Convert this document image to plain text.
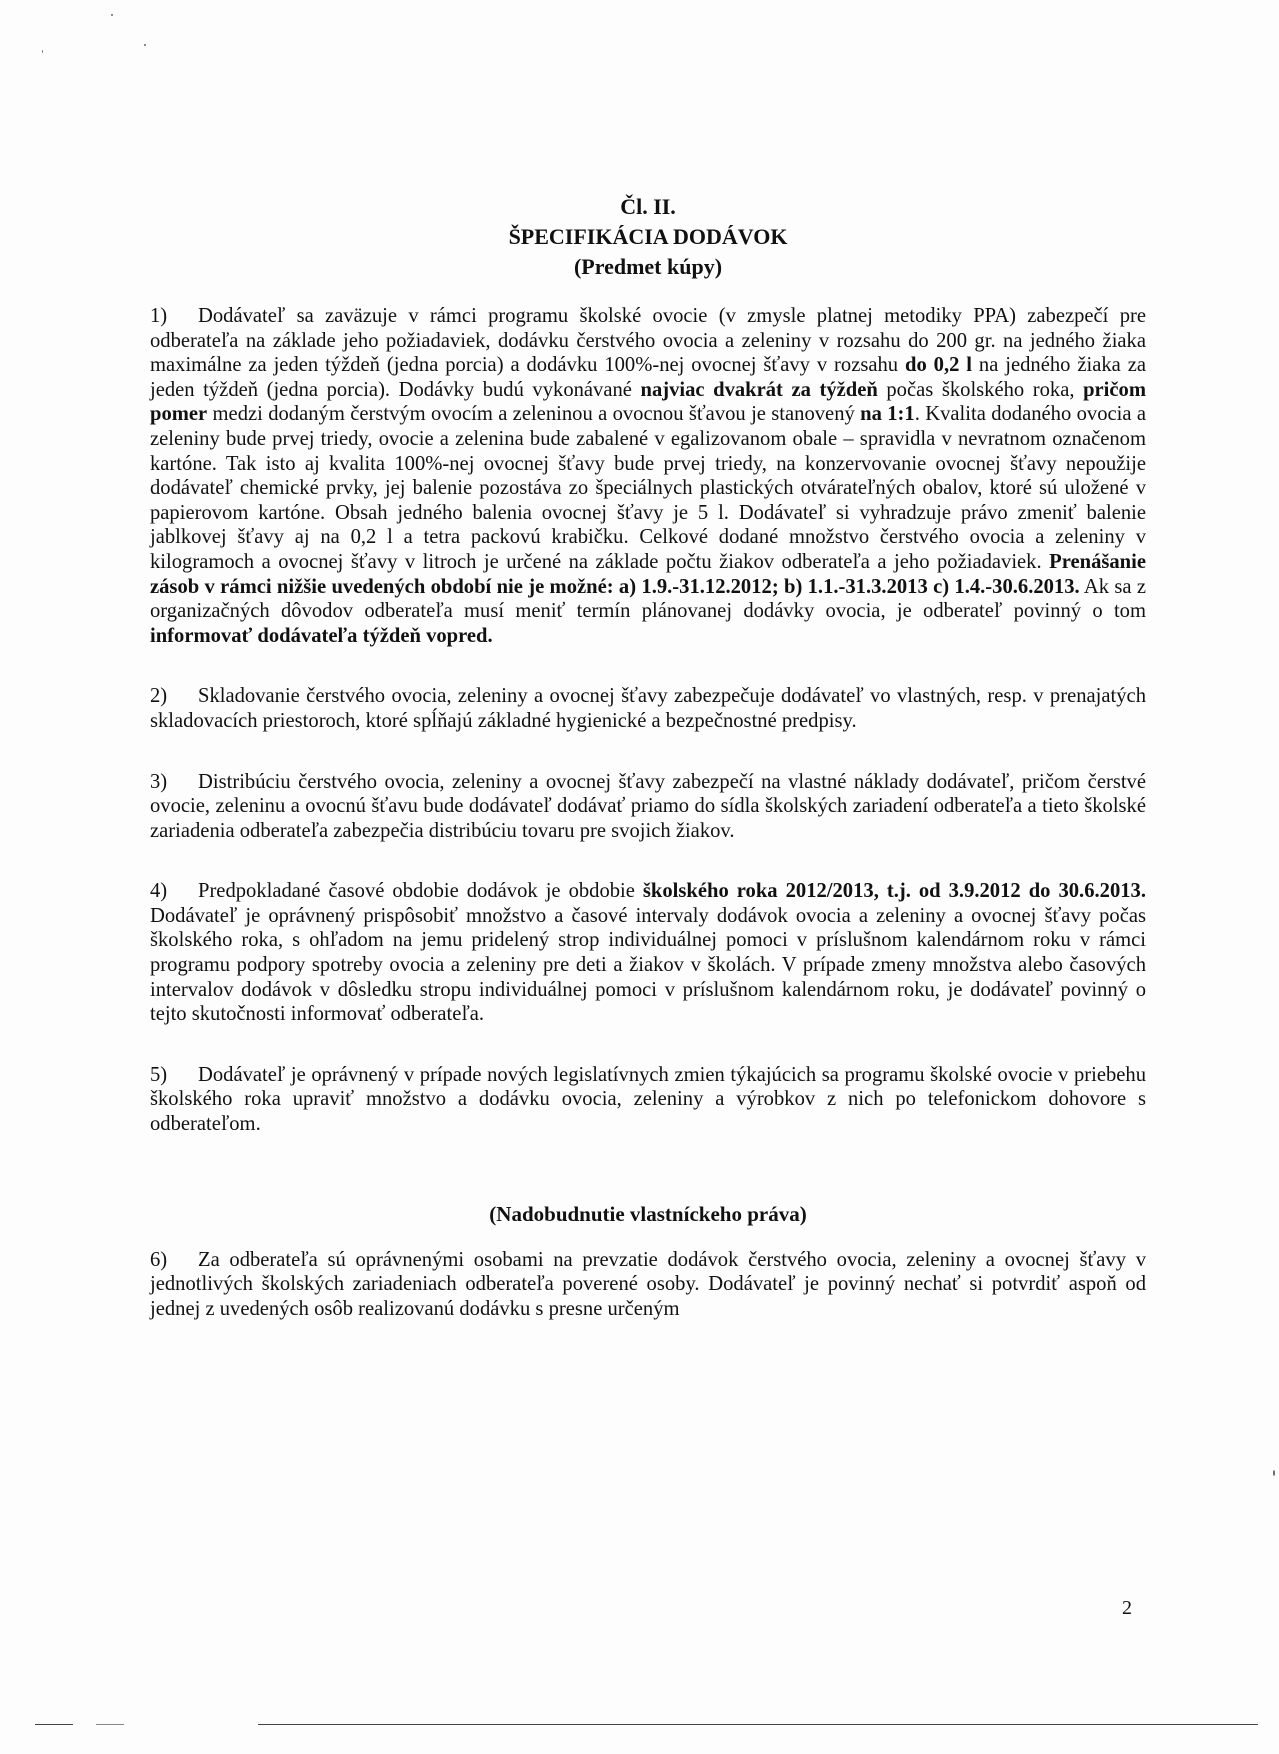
Čl. II.

ŠPECIFIKÁCIA DODÁVOK

(Predmet kúpy)

1) Dodávateľ sa zaväzuje v rámci programu školské ovocie (v zmysle platnej metodiky PPA) zabezpečí pre odberateľa na základe jeho požiadaviek, dodávku čerstvého ovocia a zeleniny v rozsahu do 200 gr. na jedného žiaka maximálne za jeden týždeň (jedna porcia) a dodávku 100%-nej ovocnej šťavy v rozsahu do 0,2 l na jedného žiaka za jeden týždeň (jedna porcia). Dodávky budú vykonávané najviac dvakrát za týždeň počas školského roka, pričom pomer medzi dodaným čerstvým ovocím a zeleninou a ovocnou šťavou je stanovený na 1:1. Kvalita dodaného ovocia a zeleniny bude prvej triedy, ovocie a zelenina bude zabalené v egalizovanom obale – spravidla v nevratnom označenom kartóne. Tak isto aj kvalita 100%-nej ovocnej šťavy bude prvej triedy, na konzervovanie ovocnej šťavy nepoužije dodávateľ chemické prvky, jej balenie pozostáva zo špeciálnych plastických otvárateľných obalov, ktoré sú uložené v papierovom kartóne. Obsah jedného balenia ovocnej šťavy je 5 l. Dodávateľ si vyhradzuje právo zmeniť balenie jablkovej šťavy aj na 0,2 l a tetra packovú krabičku. Celkové dodané množstvo čerstvého ovocia a zeleniny v kilogramoch a ovocnej šťavy v litroch je určené na základe počtu žiakov odberateľa a jeho požiadaviek. Prenášanie zásob v rámci nižšie uvedených období nie je možné: a) 1.9.-31.12.2012; b) 1.1.-31.3.2013 c) 1.4.-30.6.2013. Ak sa z organizačných dôvodov odberateľa musí meniť termín plánovanej dodávky ovocia, je odberateľ povinný o tom informovať dodávateľa týždeň vopred.

2) Skladovanie čerstvého ovocia, zeleniny a ovocnej šťavy zabezpečuje dodávateľ vo vlastných, resp. v prenajatých skladovacích priestoroch, ktoré spĺňajú základné hygienické a bezpečnostné predpisy.

3) Distribúciu čerstvého ovocia, zeleniny a ovocnej šťavy zabezpečí na vlastné náklady dodávateľ, pričom čerstvé ovocie, zeleninu a ovocnú šťavu bude dodávateľ dodávať priamo do sídla školských zariadení odberateľa a tieto školské zariadenia odberateľa zabezpečia distribúciu tovaru pre svojich žiakov.

4) Predpokladané časové obdobie dodávok je obdobie školského roka 2012/2013, t.j. od 3.9.2012 do 30.6.2013. Dodávateľ je oprávnený prispôsobiť množstvo a časové intervaly dodávok ovocia a zeleniny a ovocnej šťavy počas školského roka, s ohľadom na jemu pridelený strop individuálnej pomoci v príslušnom kalendárnom roku v rámci programu podpory spotreby ovocia a zeleniny pre deti a žiakov v školách. V prípade zmeny množstva alebo časových intervalov dodávok v dôsledku stropu individuálnej pomoci v príslušnom kalendárnom roku, je dodávateľ povinný o tejto skutočnosti informovať odberateľa.

5) Dodávateľ je oprávnený v prípade nových legislatívnych zmien týkajúcich sa programu školské ovocie v priebehu školského roka upraviť množstvo a dodávku ovocia, zeleniny a výrobkov z nich po telefonickom dohovore s odberateľom.

(Nadobudnutie vlastníckeho práva)

6) Za odberateľa sú oprávnenými osobami na prevzatie dodávok čerstvého ovocia, zeleniny a ovocnej šťavy v jednotlivých školských zariadeniach odberateľa poverené osoby. Dodávateľ je povinný nechať si potvrdiť aspoň od jednej z uvedených osôb realizovanú dodávku s presne určeným

2
